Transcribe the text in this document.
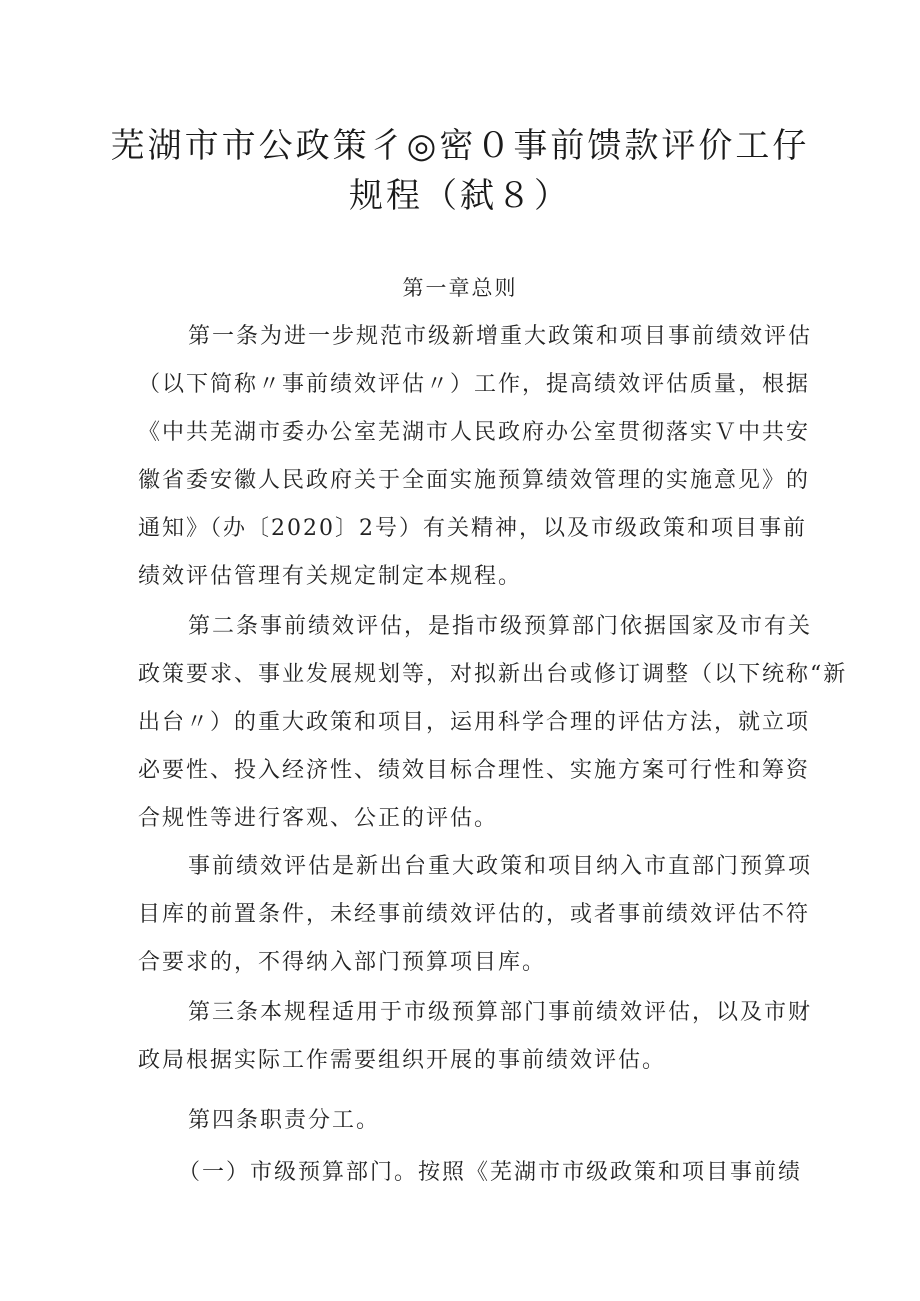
芜湖市市公政策彳◎密０事前馈款评价工仔
规程（弑８）
第一章总则
第一条为进一步规范市级新增重大政策和项目事前绩效评估
（以下简称〃事前绩效评估〃）工作，提高绩效评估质量，根据
《中共芜湖市委办公室芜湖市人民政府办公室贯彻落实Ｖ中共安
徽省委安徽人民政府关于全面实施预算绩效管理的实施意见》的
通知》（办〔2020〕2号）有关精神，以及市级政策和项目事前
绩效评估管理有关规定制定本规程。
第二条事前绩效评估，是指市级预算部门依据国家及市有关
政策要求、事业发展规划等，对拟新出台或修订调整（以下统称“新
出台〃）的重大政策和项目，运用科学合理的评估方法，就立项
必要性、投入经济性、绩效目标合理性、实施方案可行性和筹资
合规性等进行客观、公正的评估。
事前绩效评估是新出台重大政策和项目纳入市直部门预算项
目库的前置条件，未经事前绩效评估的，或者事前绩效评估不符
合要求的，不得纳入部门预算项目库。
第三条本规程适用于市级预算部门事前绩效评估，以及市财
政局根据实际工作需要组织开展的事前绩效评估。
第四条职责分工。
（一）市级预算部门。按照《芜湖市市级政策和项目事前绩
